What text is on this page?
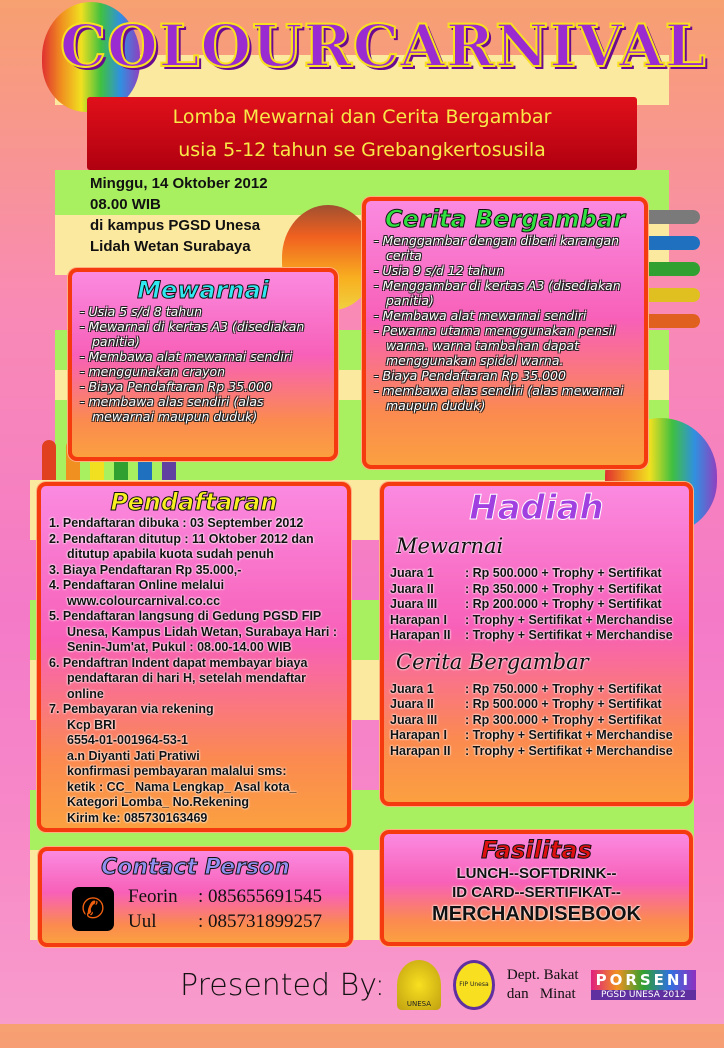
COLOURCARNIVAL
Lomba Mewarnai dan Cerita Bergambar
usia 5-12 tahun se Grebangkertosusila
Minggu, 14 Oktober 2012
08.00 WIB
di kampus PGSD Unesa
Lidah Wetan Surabaya
Mewarnai
- Usia 5 s/d 8 tahun
- Mewarnai di kertas A3 (disediakan panitia)
- Membawa alat mewarnai sendiri
- menggunakan crayon
- Biaya Pendaftaran Rp 35.000
- membawa alas sendiri (alas mewarnai maupun duduk)
Cerita Bergambar
- Menggambar dengan diberi karangan cerita
- Usia 9 s/d 12 tahun
- Menggambar di kertas A3 (disediakan panitia)
- Membawa alat mewarnai sendiri
- Pewarna utama menggunakan pensil warna. warna tambahan dapat menggunakan spidol warna.
- Biaya Pendaftaran Rp 35.000
- membawa alas sendiri (alas mewarnai maupun duduk)
Pendaftaran
1. Pendaftaran dibuka : 03 September 2012
2. Pendaftaran ditutup : 11 Oktober 2012 dan ditutup apabila kuota sudah penuh
3. Biaya Pendaftaran Rp 35.000,-
4. Pendaftaran Online melalui www.colourcarnival.co.cc
5. Pendaftaran langsung di Gedung PGSD FIP Unesa, Kampus Lidah Wetan, Surabaya Hari : Senin-Jum'at, Pukul : 08.00-14.00 WIB
6. Pendaftran Indent dapat membayar biaya pendaftaran di hari H, setelah mendaftar online
7. Pembayaran via rekening
Kcp BRI
6554-01-001964-53-1
a.n Diyanti Jati Pratiwi
konfirmasi pembayaran malalui sms:
ketik : CC_ Nama Lengkap_ Asal kota_
Kategori Lomba_ No.Rekening
Kirim ke: 085730163469
Hadiah
Mewarnai
Juara 1	: Rp 500.000 + Trophy + Sertifikat
Juara II	: Rp 350.000 + Trophy + Sertifikat
Juara III	: Rp 200.000 + Trophy + Sertifikat
Harapan I	: Trophy + Sertifikat + Merchandise
Harapan II	: Trophy + Sertifikat + Merchandise
Cerita Bergambar
Juara 1	: Rp 750.000 + Trophy + Sertifikat
Juara II	: Rp 500.000 + Trophy + Sertifikat
Juara III	: Rp 300.000 + Trophy + Sertifikat
Harapan I	: Trophy + Sertifikat + Merchandise
Harapan II	: Trophy + Sertifikat + Merchandise
Contact Person
✆	Feorin : 085655691545
Uul : 085731899257
Fasilitas
LUNCH--SOFTDRINK--
ID CARD--SERTIFIKAT--
MERCHANDISEBOOK
Presented By:
UNESA
FIP Unesa
Dept. Bakat
dan   Minat
PORSENI
PGSD UNESA 2012
